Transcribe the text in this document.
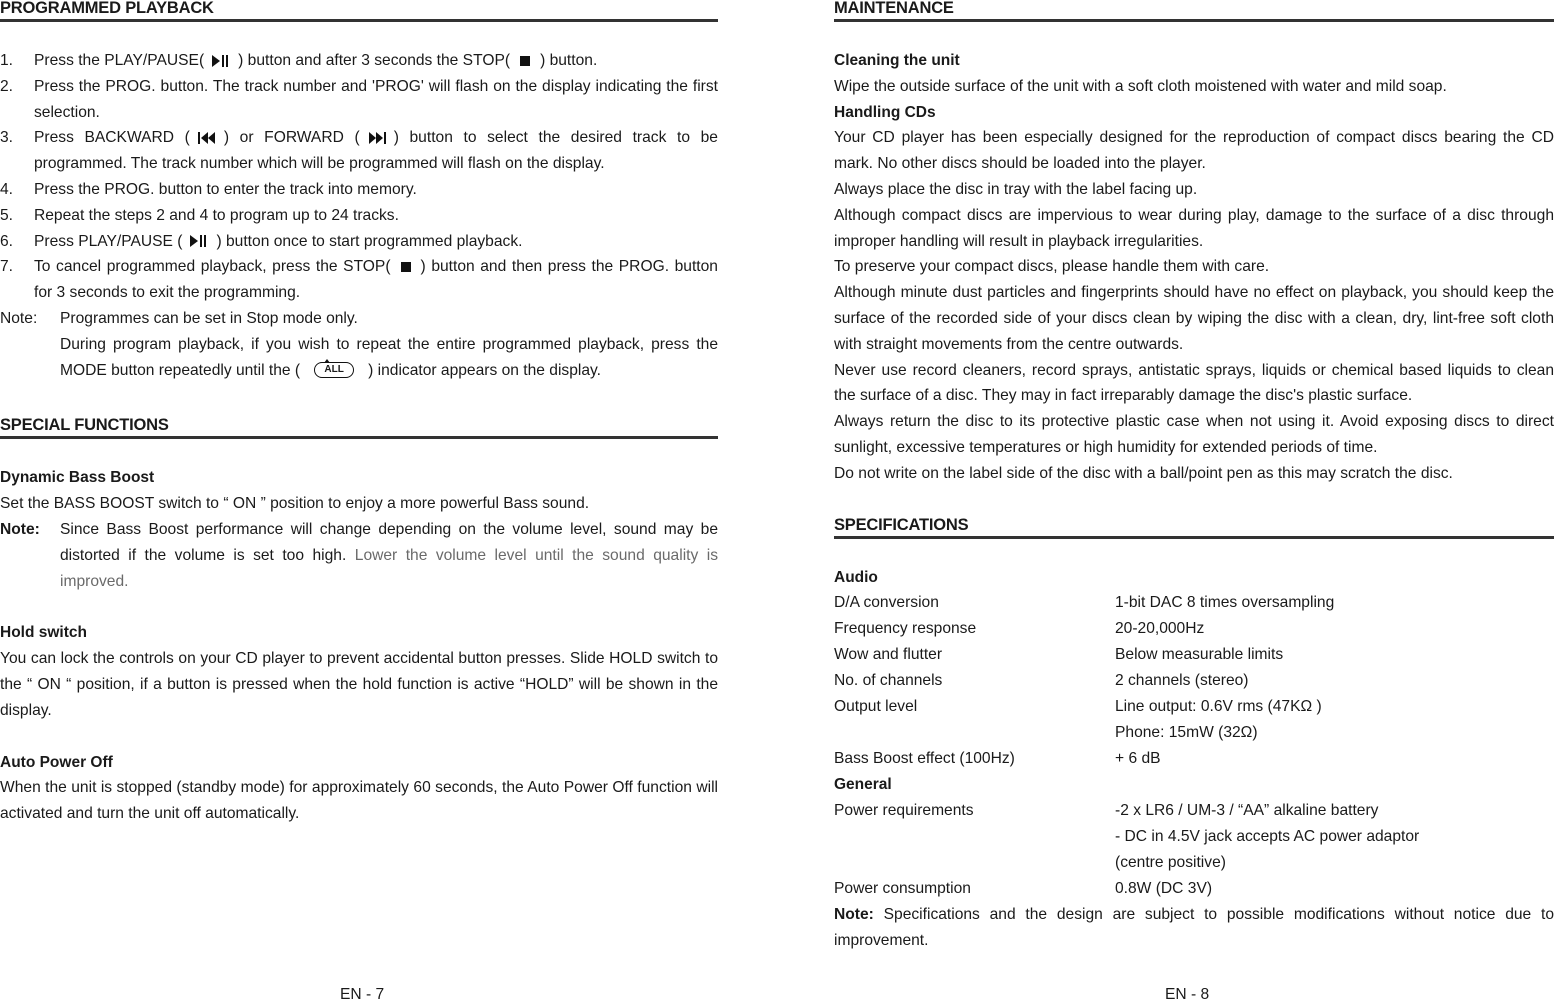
PROGRAMMED PLAYBACK
1. Press the PLAY/PAUSE( ) button and after 3 seconds the STOP( ) button.
2. Press the PROG. button. The track number and 'PROG' will flash on the display indicating the first selection.
3. Press BACKWARD ( ) or FORWARD ( ) button to select the desired track to be programmed. The track number which will be programmed will flash on the display.
4. Press the PROG. button to enter the track into memory.
5. Repeat the steps 2 and 4 to program up to 24 tracks.
6. Press PLAY/PAUSE ( ) button once to start programmed playback.
7. To cancel programmed playback, press the STOP( ) button and then press the PROG. button for 3 seconds to exit the programming.
Note: Programmes can be set in Stop mode only.
During program playback, if you wish to repeat the entire programmed playback, press the MODE button repeatedly until the ( ALL ) indicator appears on the display.
SPECIAL FUNCTIONS
Dynamic Bass Boost

Set the BASS BOOST switch to “ ON ” position to enjoy a more powerful Bass sound.

Note: Since Bass Boost performance will change depending on the volume level, sound may be distorted if the volume is set too high. Lower the volume level until the sound quality is improved.
Hold switch

You can lock the controls on your CD player to prevent accidental button presses. Slide HOLD switch to the “ ON “ position, if a button is pressed when the hold function is active “HOLD” will be shown in the display.

Auto Power Off

When the unit is stopped (standby mode) for approximately 60 seconds, the Auto Power Off function will activated and turn the unit off automatically.

EN - 7
MAINTENANCE
Cleaning the unit

Wipe the outside surface of the unit with a soft cloth moistened with water and mild soap.

Handling CDs

Your CD player has been especially designed for the reproduction of compact discs bearing the CD mark. No other discs should be loaded into the player.

Always place the disc in tray with the label facing up.

Although compact discs are impervious to wear during play, damage to the surface of a disc through improper handling will result in playback irregularities.

To preserve your compact discs, please handle them with care.

Although minute dust particles and fingerprints should have no effect on playback, you should keep the surface of the recorded side of your discs clean by wiping the disc with a clean, dry, lint-free soft cloth with straight movements from the centre outwards.

Never use record cleaners, record sprays, antistatic sprays, liquids or chemical based liquids to clean the surface of a disc. They may in fact irreparably damage the disc's plastic surface.

Always return the disc to its protective plastic case when not using it. Avoid exposing discs to direct sunlight, excessive temperatures or high humidity for extended periods of time.

Do not write on the label side of the disc with a ball/point pen as this may scratch the disc.

SPECIFICATIONS
Audio
D/A conversion	1-bit DAC 8 times oversampling
Frequency response	20-20,000Hz
Wow and flutter	Below measurable limits
No. of channels	2 channels (stereo)
Output level	Line output: 0.6V rms (47KΩ )
	Phone: 15mW (32Ω)
Bass Boost effect (100Hz)	+ 6 dB
General
Power requirements	-2 x LR6 / UM-3 / “AA” alkaline battery
	- DC in 4.5V jack accepts AC power adaptor
	(centre positive)
Power consumption	0.8W (DC 3V)

Note: Specifications and the design are subject to possible modifications without notice due to improvement.

EN - 8
